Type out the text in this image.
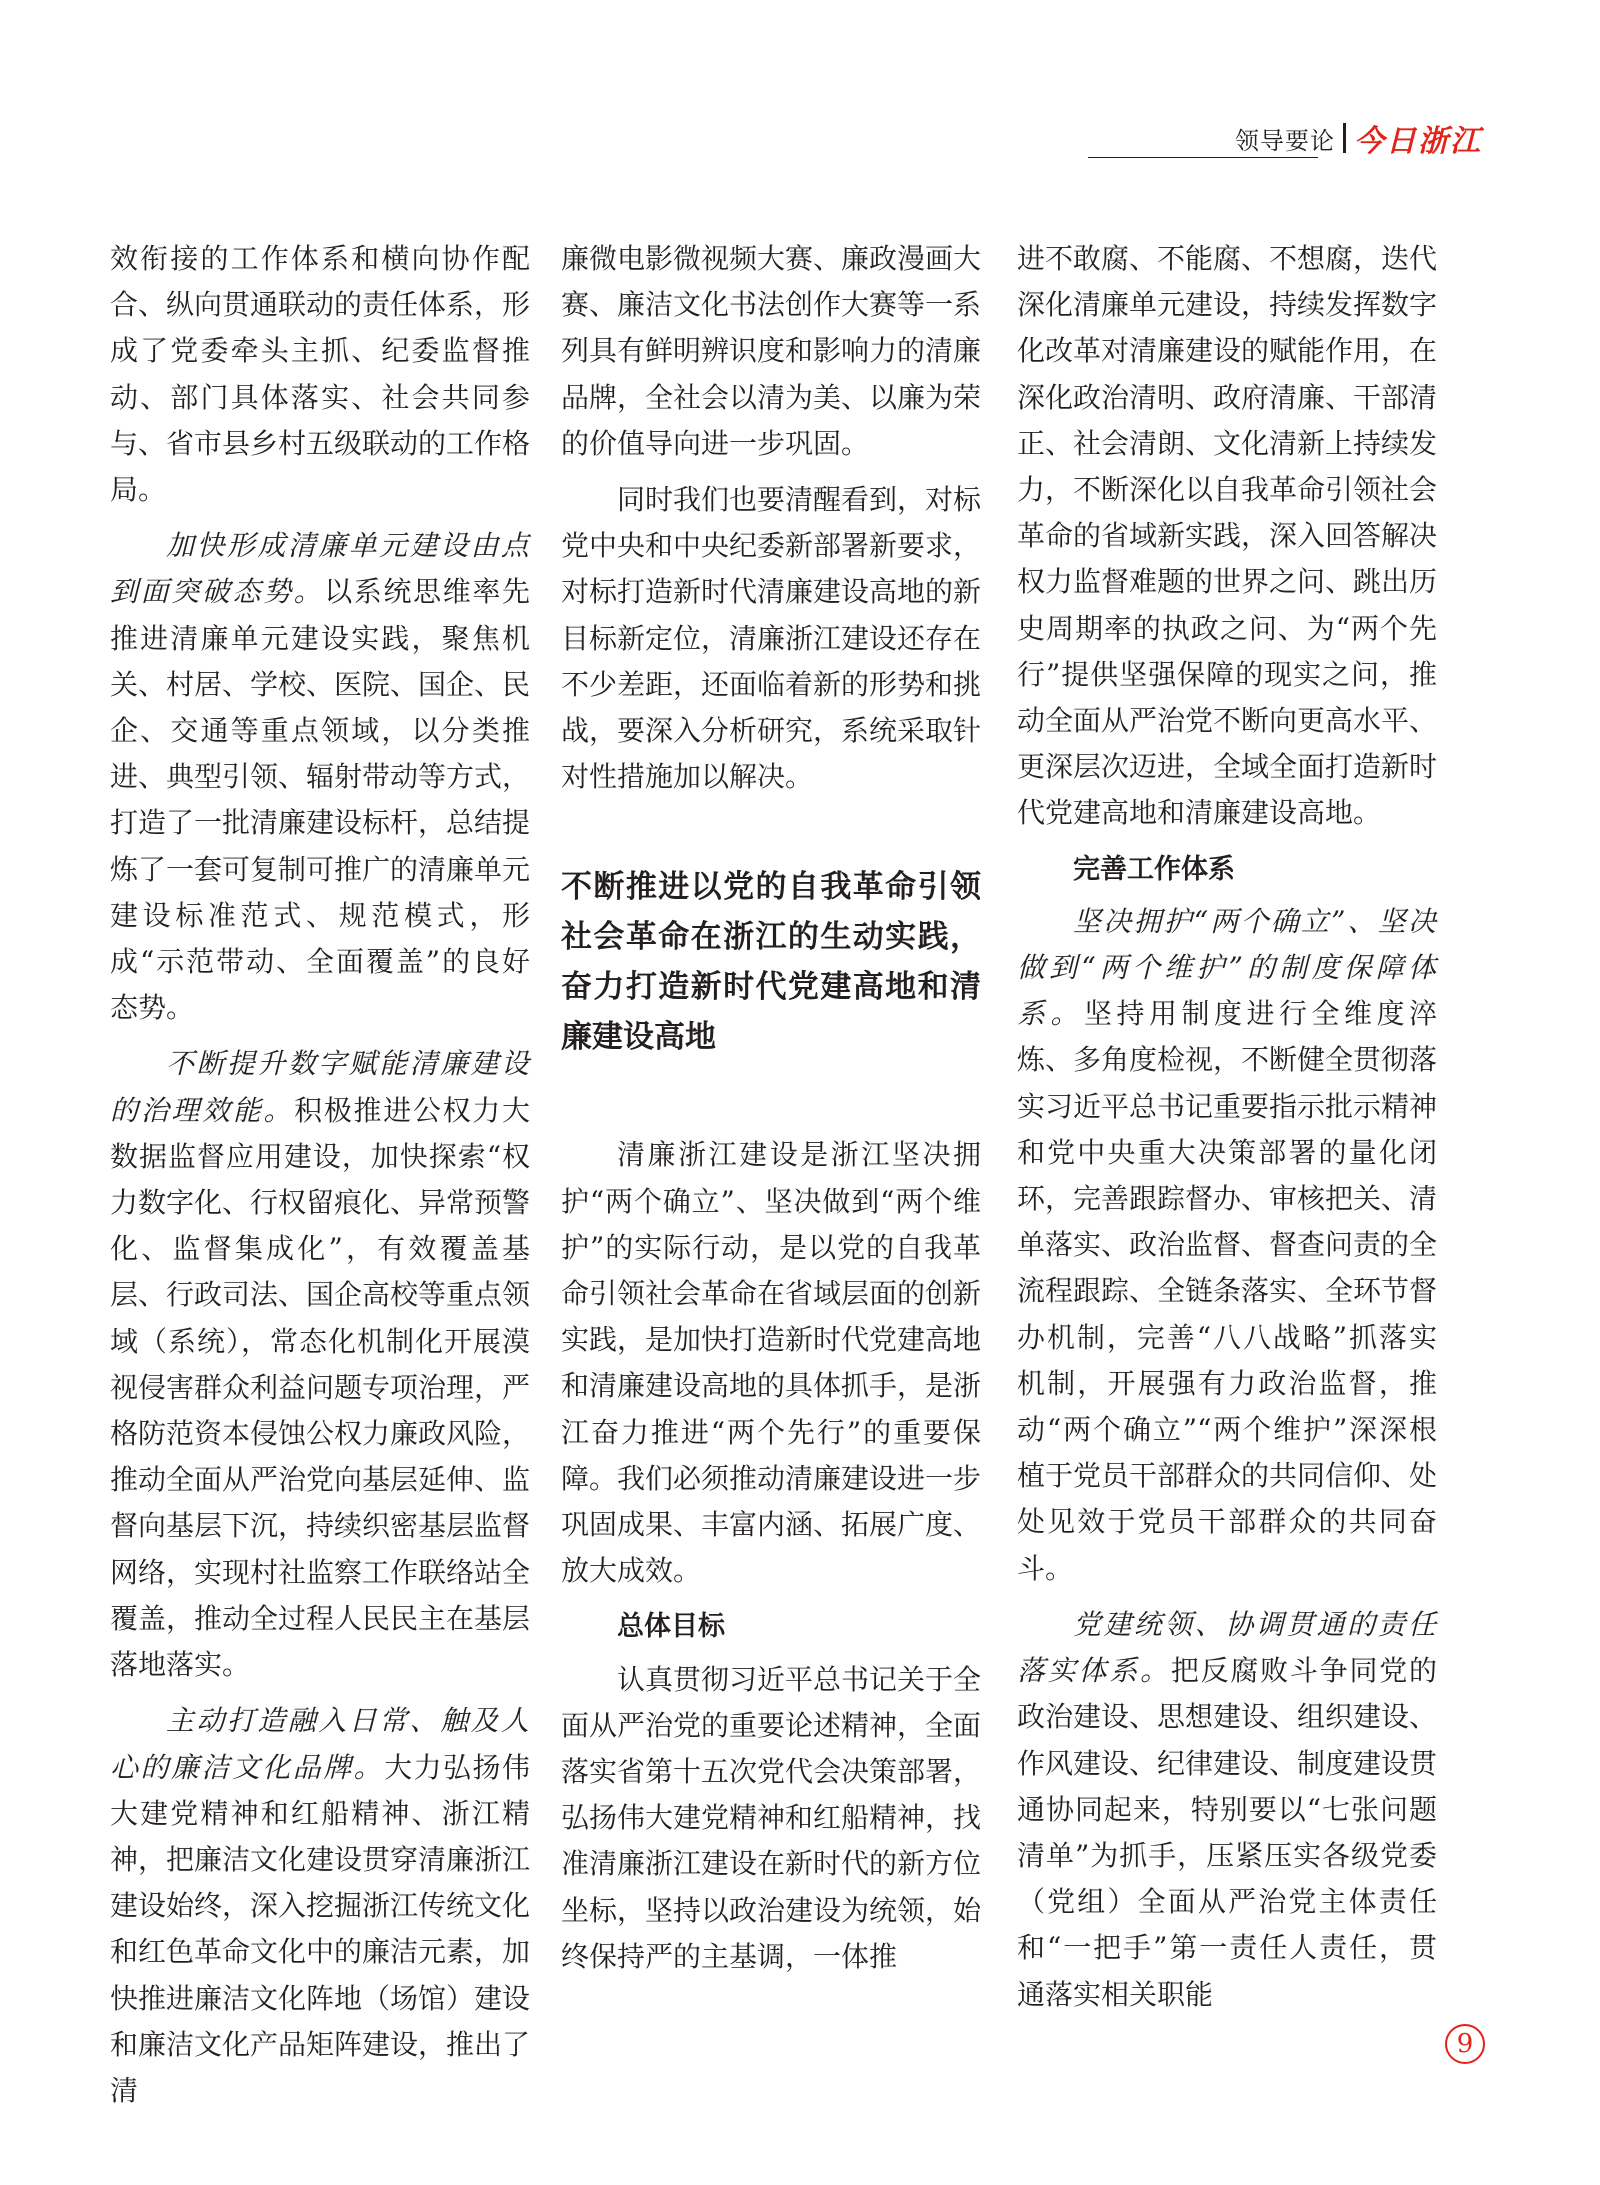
领导要论 今日浙江

效衔接的工作体系和横向协作配合、纵向贯通联动的责任体系，形成了党委牵头主抓、纪委监督推动、部门具体落实、社会共同参与、省市县乡村五级联动的工作格局。

加快形成清廉单元建设由点到面突破态势。以系统思维率先推进清廉单元建设实践，聚焦机关、村居、学校、医院、国企、民企、交通等重点领域，以分类推进、典型引领、辐射带动等方式，打造了一批清廉建设标杆，总结提炼了一套可复制可推广的清廉单元建设标准范式、规范模式，形成“示范带动、全面覆盖”的良好态势。

不断提升数字赋能清廉建设的治理效能。积极推进公权力大数据监督应用建设，加快探索“权力数字化、行权留痕化、异常预警化、监督集成化”，有效覆盖基层、行政司法、国企高校等重点领域（系统），常态化机制化开展漠视侵害群众利益问题专项治理，严格防范资本侵蚀公权力廉政风险，推动全面从严治党向基层延伸、监督向基层下沉，持续织密基层监督网络，实现村社监察工作联络站全覆盖，推动全过程人民民主在基层落地落实。

主动打造融入日常、触及人心的廉洁文化品牌。大力弘扬伟大建党精神和红船精神、浙江精神，把廉洁文化建设贯穿清廉浙江建设始终，深入挖掘浙江传统文化和红色革命文化中的廉洁元素，加快推进廉洁文化阵地（场馆）建设和廉洁文化产品矩阵建设，推出了清

廉微电影微视频大赛、廉政漫画大赛、廉洁文化书法创作大赛等一系列具有鲜明辨识度和影响力的清廉品牌，全社会以清为美、以廉为荣的价值导向进一步巩固。

同时我们也要清醒看到，对标党中央和中央纪委新部署新要求，对标打造新时代清廉建设高地的新目标新定位，清廉浙江建设还存在不少差距，还面临着新的形势和挑战，要深入分析研究，系统采取针对性措施加以解决。

不断推进以党的自我革命引领社会革命在浙江的生动实践，奋力打造新时代党建高地和清廉建设高地

清廉浙江建设是浙江坚决拥护“两个确立”、坚决做到“两个维护”的实际行动，是以党的自我革命引领社会革命在省域层面的创新实践，是加快打造新时代党建高地和清廉建设高地的具体抓手，是浙江奋力推进“两个先行”的重要保障。我们必须推动清廉建设进一步巩固成果、丰富内涵、拓展广度、放大成效。

总体目标

认真贯彻习近平总书记关于全面从严治党的重要论述精神，全面落实省第十五次党代会决策部署，弘扬伟大建党精神和红船精神，找准清廉浙江建设在新时代的新方位坐标，坚持以政治建设为统领，始终保持严的主基调，一体推

进不敢腐、不能腐、不想腐，迭代深化清廉单元建设，持续发挥数字化改革对清廉建设的赋能作用，在深化政治清明、政府清廉、干部清正、社会清朗、文化清新上持续发力，不断深化以自我革命引领社会革命的省域新实践，深入回答解决权力监督难题的世界之问、跳出历史周期率的执政之问、为“两个先行”提供坚强保障的现实之问，推动全面从严治党不断向更高水平、更深层次迈进，全域全面打造新时代党建高地和清廉建设高地。

完善工作体系

坚决拥护“两个确立”、坚决做到“两个维护”的制度保障体系。坚持用制度进行全维度淬炼、多角度检视，不断健全贯彻落实习近平总书记重要指示批示精神和党中央重大决策部署的量化闭环，完善跟踪督办、审核把关、清单落实、政治监督、督查问责的全流程跟踪、全链条落实、全环节督办机制，完善“八八战略”抓落实机制，开展强有力政治监督，推动“两个确立”“两个维护”深深根植于党员干部群众的共同信仰、处处见效于党员干部群众的共同奋斗。

党建统领、协调贯通的责任落实体系。把反腐败斗争同党的政治建设、思想建设、组织建设、作风建设、纪律建设、制度建设贯通协同起来，特别要以“七张问题清单”为抓手，压紧压实各级党委（党组）全面从严治党主体责任和“一把手”第一责任人责任，贯通落实相关职能

9
